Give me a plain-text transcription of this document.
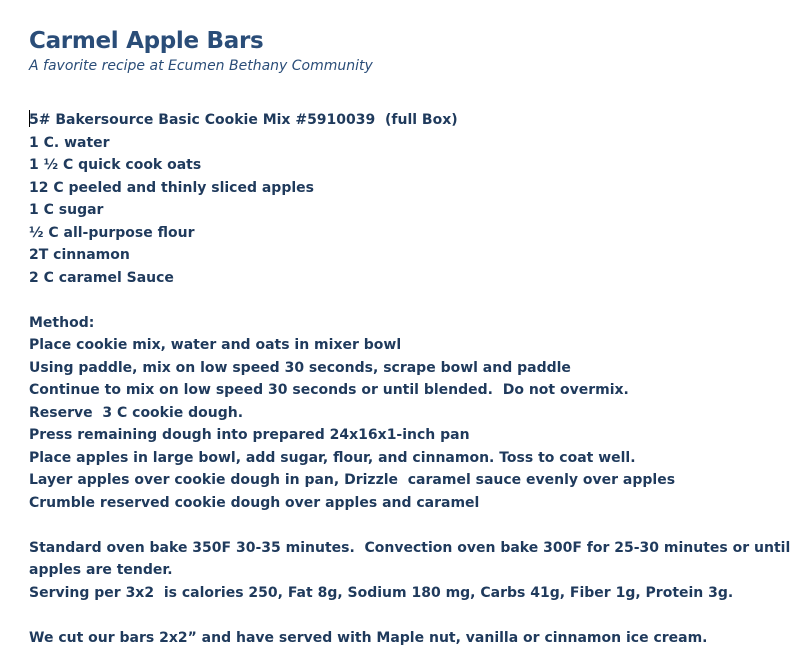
Carmel Apple Bars

A favorite recipe at Ecumen Bethany Community

5# Bakersource Basic Cookie Mix #5910039  (full Box)

1 C. water

1 ½ C quick cook oats

12 C peeled and thinly sliced apples

1 C sugar

½ C all-purpose flour

2T cinnamon

2 C caramel Sauce

Method:

Place cookie mix, water and oats in mixer bowl

Using paddle, mix on low speed 30 seconds, scrape bowl and paddle

Continue to mix on low speed 30 seconds or until blended.  Do not overmix.

Reserve  3 C cookie dough.

Press remaining dough into prepared 24x16x1-inch pan

Place apples in large bowl, add sugar, flour, and cinnamon. Toss to coat well.

Layer apples over cookie dough in pan, Drizzle  caramel sauce evenly over apples

Crumble reserved cookie dough over apples and caramel

Standard oven bake 350F 30-35 minutes.  Convection oven bake 300F for 25-30 minutes or until

apples are tender.

Serving per 3x2  is calories 250, Fat 8g, Sodium 180 mg, Carbs 41g, Fiber 1g, Protein 3g.

We cut our bars 2x2” and have served with Maple nut, vanilla or cinnamon ice cream.
